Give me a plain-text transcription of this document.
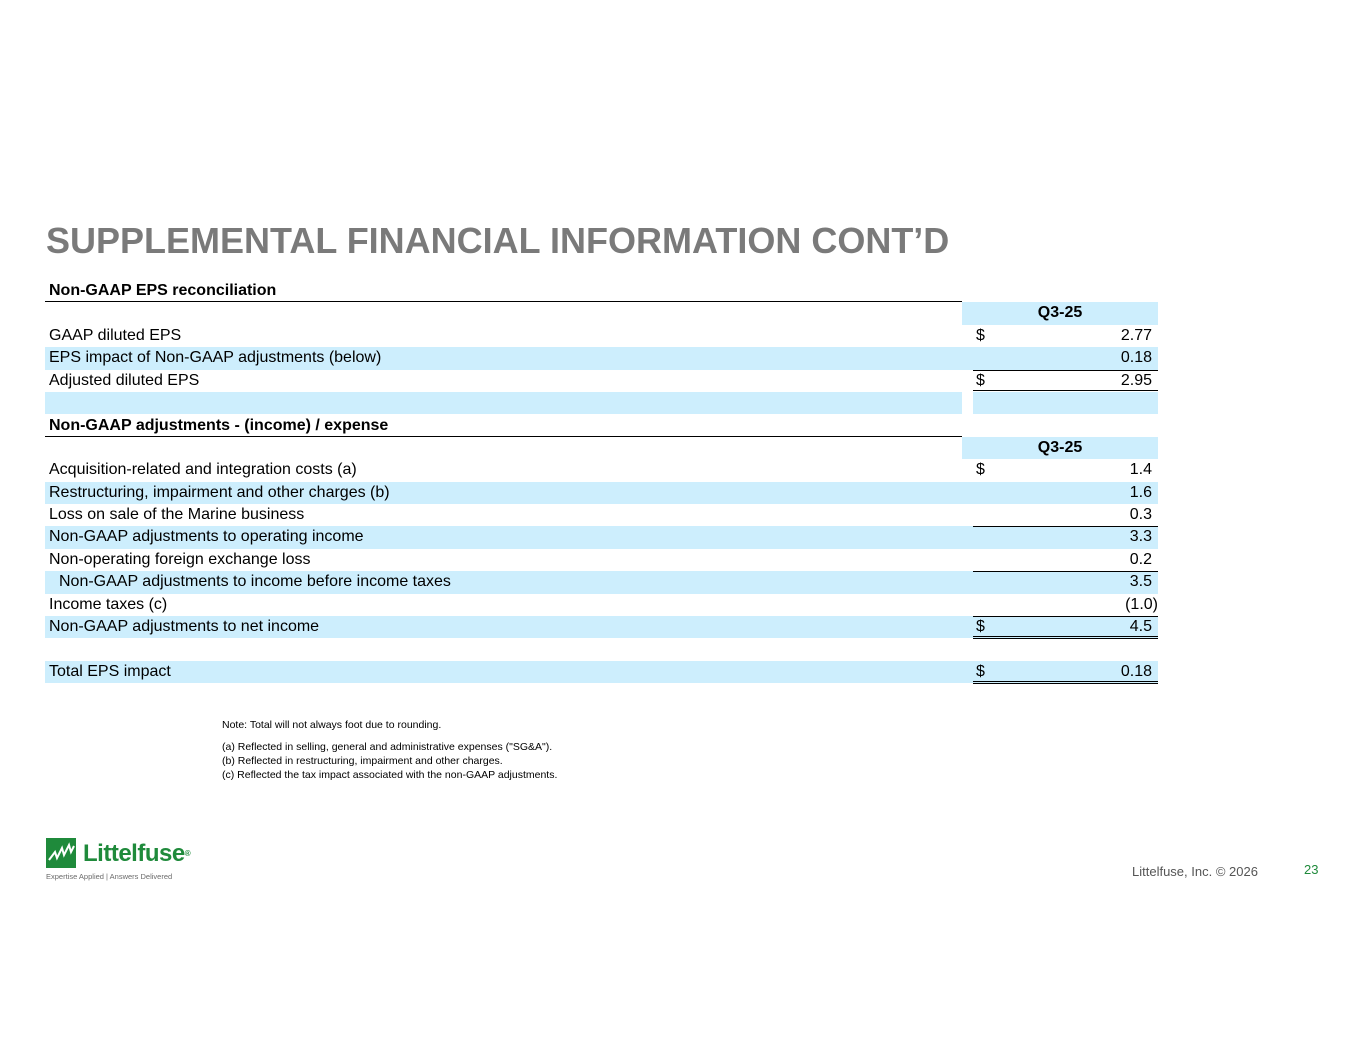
SUPPLEMENTAL FINANCIAL INFORMATION CONT’D
Non-GAAP EPS reconciliation
Q3-25
GAAP diluted EPS	$	2.77
EPS impact of Non-GAAP adjustments (below)	0.18
Adjusted diluted EPS	$	2.95
Non-GAAP adjustments - (income) / expense
Q3-25
Acquisition-related and integration costs (a)	$	1.4
Restructuring, impairment and other charges (b)	1.6
Loss on sale of the Marine business	0.3
Non-GAAP adjustments to operating income	3.3
Non-operating foreign exchange loss	0.2
Non-GAAP adjustments to income before income taxes	3.5
Income taxes (c)	(1.0)
Non-GAAP adjustments to net income	$	4.5
Total EPS impact	$	0.18
Note: Total will not always foot due to rounding.
(a) Reflected in selling, general and administrative expenses ("SG&A").
(b) Reflected in restructuring, impairment and other charges.
(c) Reflected the tax impact associated with the non-GAAP adjustments.
Littelfuse®
Expertise Applied | Answers Delivered	Littelfuse, Inc. © 2026	23
